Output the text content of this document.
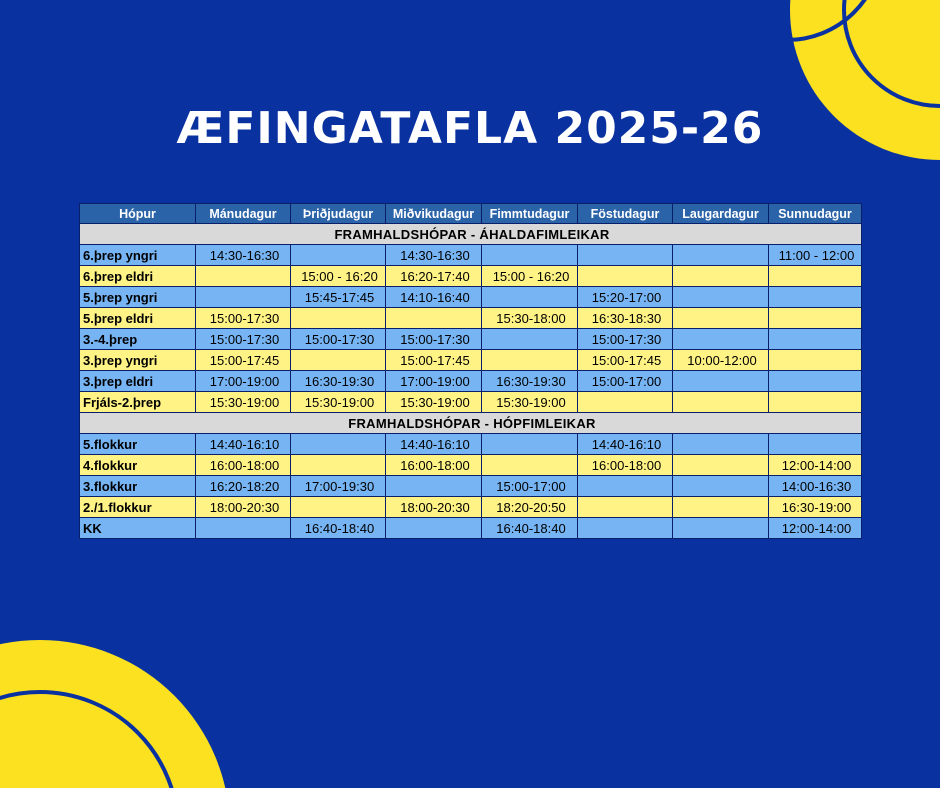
ÆFINGATAFLA 2025-26
Hópur	Mánudagur	Þriðjudagur	Miðvikudagur	Fimmtudagur	Föstudagur	Laugardagur	Sunnudagur
FRAMHALDSHÓPAR - ÁHALDAFIMLEIKAR							
6.þrep yngri	14:30-16:30		14:30-16:30				11:00 - 12:00
6.þrep eldri		15:00 - 16:20	16:20-17:40	15:00 - 16:20			
5.þrep yngri		15:45-17:45	14:10-16:40		15:20-17:00		
5.þrep eldri	15:00-17:30			15:30-18:00	16:30-18:30		
3.-4.þrep	15:00-17:30	15:00-17:30	15:00-17:30		15:00-17:30		
3.þrep yngri	15:00-17:45		15:00-17:45		15:00-17:45	10:00-12:00	
3.þrep eldri	17:00-19:00	16:30-19:30	17:00-19:00	16:30-19:30	15:00-17:00		
Frjáls-2.þrep	15:30-19:00	15:30-19:00	15:30-19:00	15:30-19:00			
FRAMHALDSHÓPAR - HÓPFIMLEIKAR							
5.flokkur	14:40-16:10		14:40-16:10		14:40-16:10		
4.flokkur	16:00-18:00		16:00-18:00		16:00-18:00		12:00-14:00
3.flokkur	16:20-18:20	17:00-19:30		15:00-17:00			14:00-16:30
2./1.flokkur	18:00-20:30		18:00-20:30	18:20-20:50			16:30-19:00
KK		16:40-18:40		16:40-18:40			12:00-14:00
